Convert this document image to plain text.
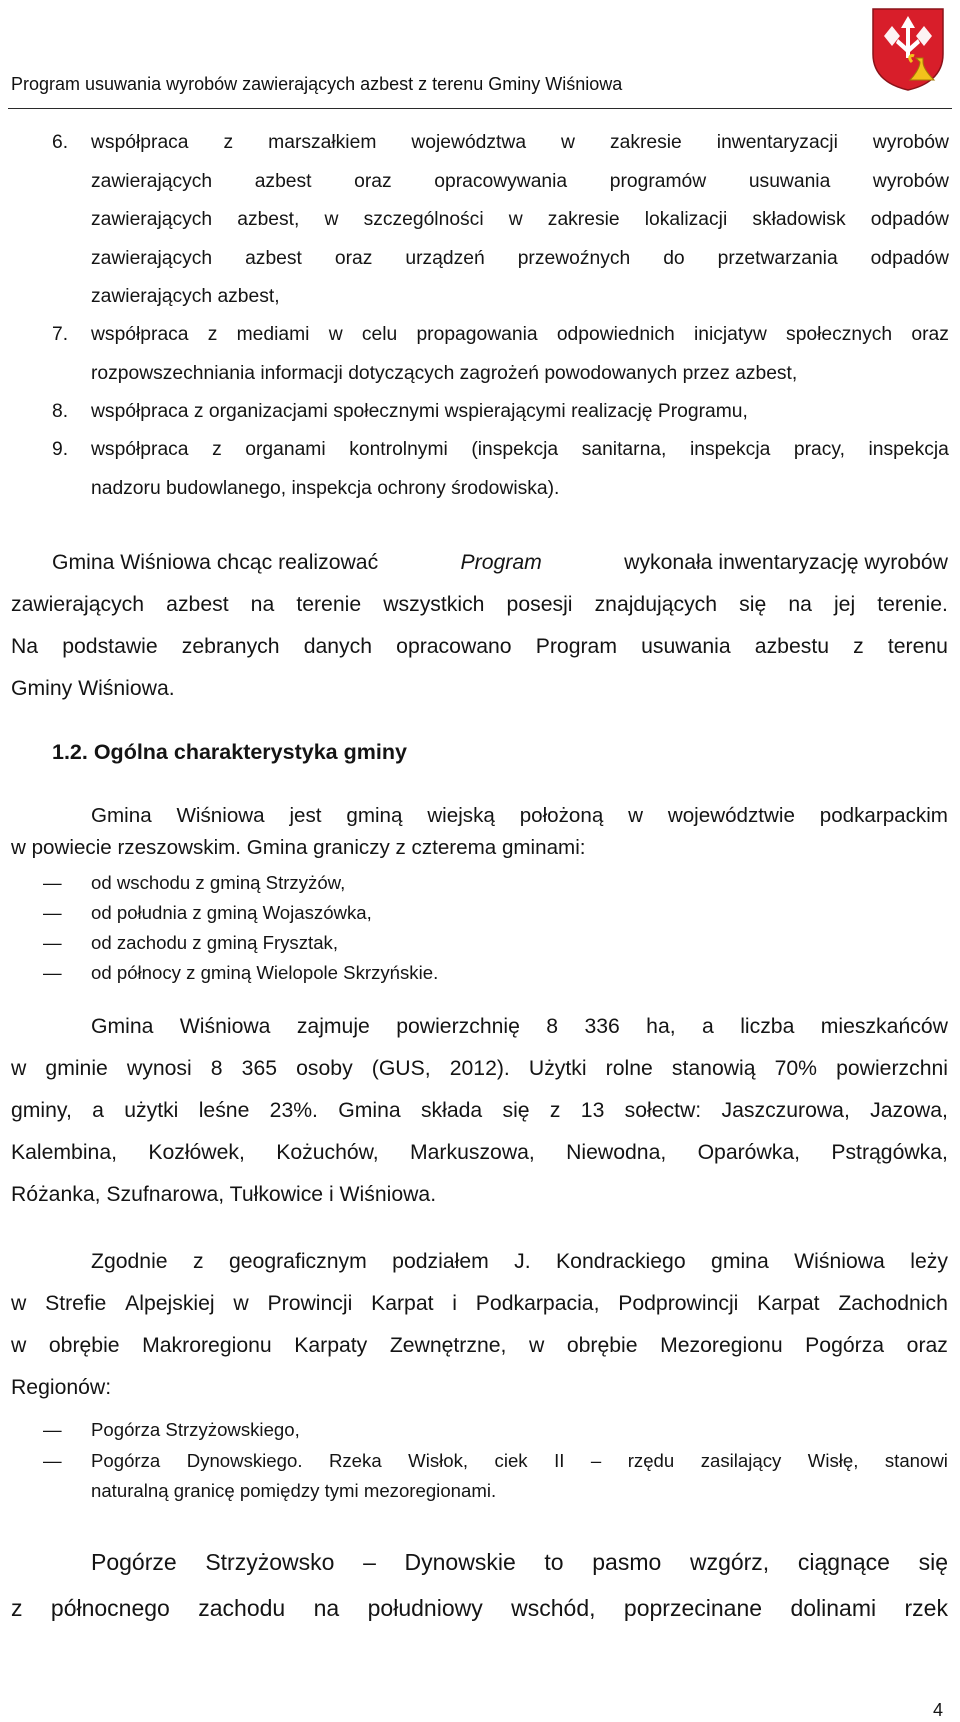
Program usuwania wyrobów zawierających azbest z terenu Gminy Wiśniowa
6. współpraca z marszałkiem województwa w zakresie inwentaryzacji wyrobów
zawierających azbest oraz opracowywania programów usuwania wyrobów
zawierających azbest, w szczególności w zakresie lokalizacji składowisk odpadów
zawierających azbest oraz urządzeń przewoźnych do przetwarzania odpadów
zawierających azbest,
7. współpraca z mediami w celu propagowania odpowiednich inicjatyw społecznych oraz
rozpowszechniania informacji dotyczących zagrożeń powodowanych przez azbest,
8. współpraca z organizacjami społecznymi wspierającymi realizację Programu,
9. współpraca z organami kontrolnymi (inspekcja sanitarna, inspekcja pracy, inspekcja
nadzoru budowlanego, inspekcja ochrony środowiska).
Gmina Wiśniowa chcąc realizować	Program	wykonała inwentaryzację wyrobów
zawierających azbest na terenie wszystkich posesji znajdujących się na jej terenie.
Na podstawie zebranych danych opracowano Program usuwania azbestu z terenu
Gminy Wiśniowa.
1.2. Ogólna charakterystyka gminy
Gmina Wiśniowa jest gminą wiejską położoną w województwie podkarpackim
w powiecie rzeszowskim. Gmina graniczy z czterema gminami:
— od wschodu z gminą Strzyżów,
— od południa z gminą Wojaszówka,
— od zachodu z gminą Frysztak,
— od północy z gminą Wielopole Skrzyńskie.
Gmina Wiśniowa zajmuje powierzchnię 8 336 ha, a liczba mieszkańców
w gminie wynosi 8 365 osoby (GUS, 2012). Użytki rolne stanowią 70% powierzchni
gminy, a użytki leśne 23%. Gmina składa się z 13 sołectw: Jaszczurowa, Jazowa,
Kalembina, Kozłówek, Kożuchów, Markuszowa, Niewodna, Oparówka, Pstrągówka,
Różanka, Szufnarowa, Tułkowice i Wiśniowa.
Zgodnie z geograficznym podziałem J. Kondrackiego gmina Wiśniowa leży
w Strefie Alpejskiej w Prowincji Karpat i Podkarpacia, Podprowincji Karpat Zachodnich
w obrębie Makroregionu Karpaty Zewnętrzne, w obrębie Mezoregionu Pogórza oraz
Regionów:
— Pogórza Strzyżowskiego,
— Pogórza Dynowskiego. Rzeka Wisłok, ciek II – rzędu zasilający Wisłę, stanowi
naturalną granicę pomiędzy tymi mezoregionami.
Pogórze Strzyżowsko – Dynowskie to pasmo wzgórz, ciągnące się
z północnego zachodu na południowy wschód, poprzecinane dolinami rzek
4
